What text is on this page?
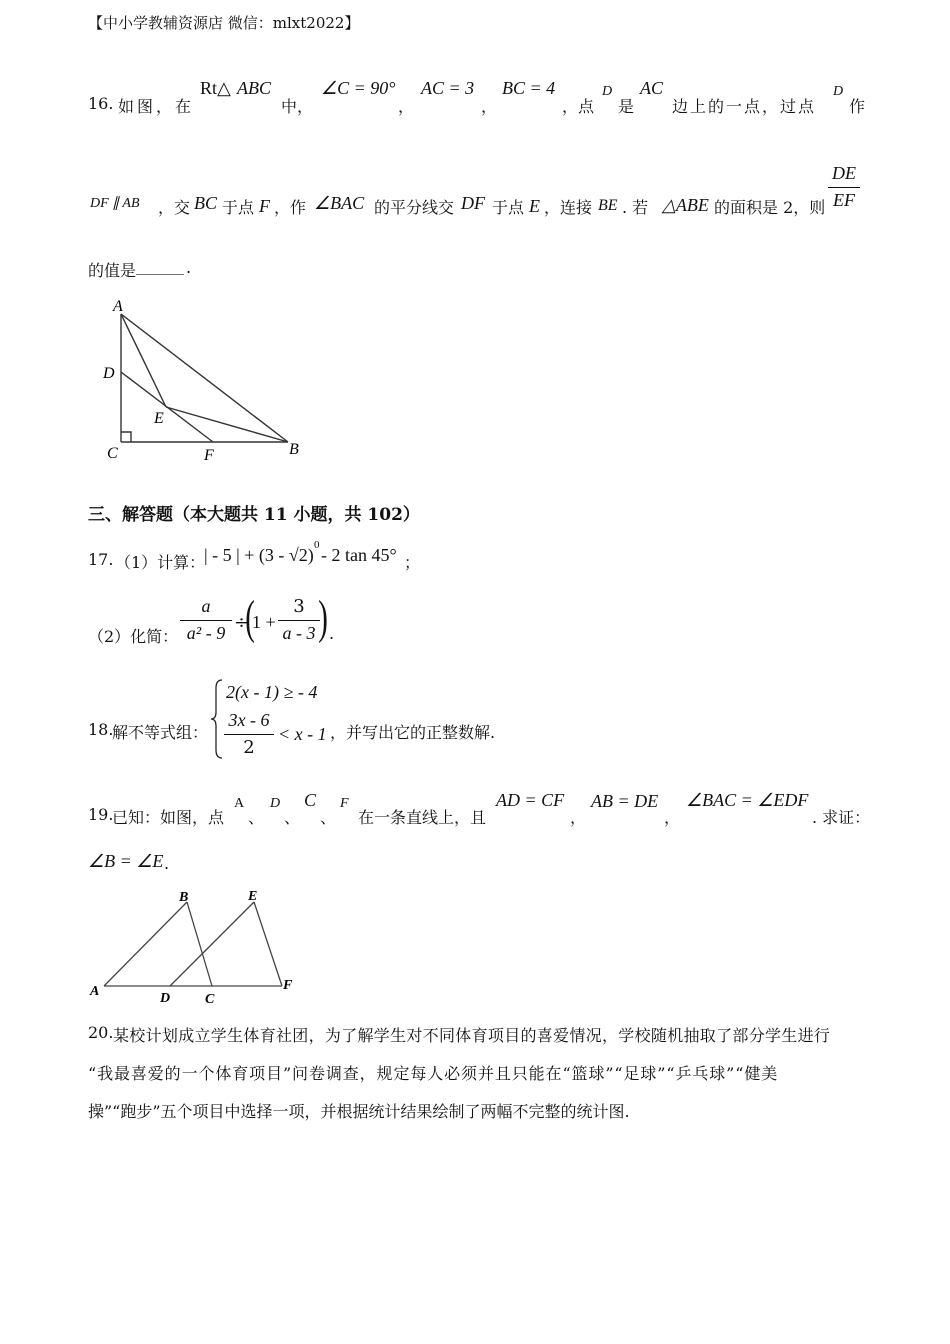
【中小学教辅资源店 微信：mlxt2022】
16. 如图，在
Rt△ ABC
中，
∠C = 90°
，
AC = 3
，
BC = 4
，点
D
是
AC
边上的一点，过点
D
作
DF ∥ AB ，交 BC 于点 F ，作 ∠BAC 的平分线交 DF 于点 E ，连接 BE . 若 △ABE 的面积是 2，则
DE
EF
的值是 ______ .
A
D
E
C	F	B
三、解答题（本大题共 11 小题，共 102）
17. （1）计算：
| - 5 | + (3 - √2) 0 - 2 tan 45° ；
（2）化简：
a
a² - 9 ÷
(
1 +
3
a - 3 ) .
18.
解不等式组：
2(x - 1) ≥ - 4
3x - 6
2
< x - 1 ，并写出它的正整数解.
19.
已知：如图，点
A
、
D
、
C
、
F
在一条直线上，且
AD = CF
，
AB = DE
，
∠BAC = ∠EDF
. 求证：
∠B = ∠E .
A
B
D C
E
F
20. 某校计划成立学生体育社团，为了解学生对不同体育项目的喜爱情况，学校随机抽取了部分学生进行
“我最喜爱的一个体育项目”问卷调查，规定每人必须并且只能在“篮球”“足球”“乒乓球”“健美
操”“跑步”五个项目中选择一项，并根据统计结果绘制了两幅不完整的统计图.
